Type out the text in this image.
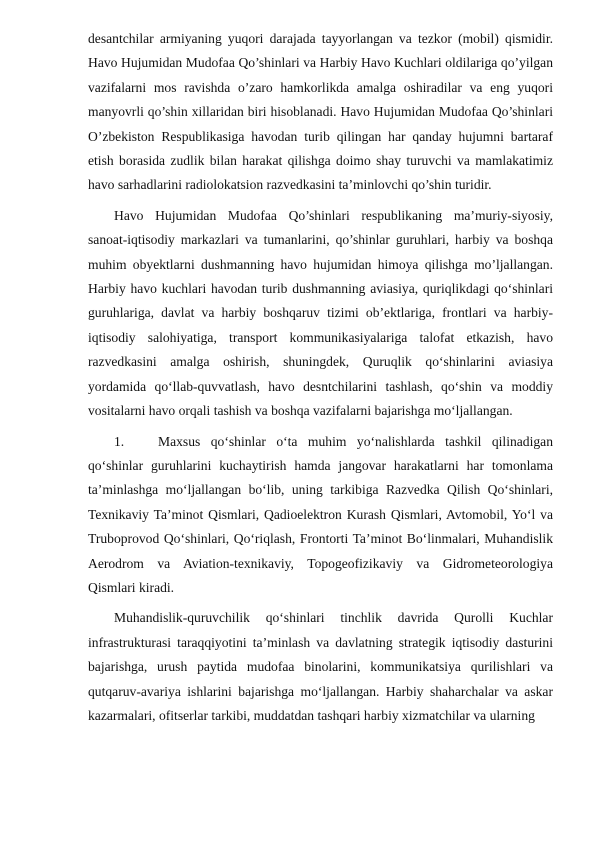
desantchilar armiyaning yuqori darajada tayyorlangan va tezkor (mobil) qismidir. Havo Hujumidan Mudofaa Qo’shinlari va Harbiy Havo Kuchlari oldilariga qo’yilgan vazifalarni mos ravishda o’zaro hamkorlikda amalga oshiradilar va eng yuqori manyovrli qo’shin xillaridan biri hisoblanadi. Havo Hujumidan Mudofaa Qo’shinlari O’zbekiston Respublikasiga havodan turib qilingan har qanday hujumni bartaraf etish borasida zudlik bilan harakat qilishga doimo shay turuvchi va mamlakatimiz havo sarhadlarini radiolokatsion razvedkasini ta’minlovchi qo’shin turidir.

Havo Hujumidan Mudofaa Qo’shinlari respublikaning ma’muriy-siyosiy, sanoat-iqtisodiy markazlari va tumanlarini, qo’shinlar guruhlari, harbiy va boshqa muhim obyektlarni dushmanning havo hujumidan himoya qilishga mo’ljallangan. Harbiy havo kuchlari havodan turib dushmanning aviasiya, quriqlikdagi qoʻshinlari guruhlariga, davlat va harbiy boshqaruv tizimi obʼektlariga, frontlari va harbiy-iqtisodiy salohiyatiga, transport kommunikasiyalariga talofat etkazish, havo razvedkasini amalga oshirish, shuningdek, Quruqlik qoʻshinlarini aviasiya yordamida qoʻllab-quvvatlash, havo desntchilarini tashlash, qoʻshin va moddiy vositalarni havo orqali tashish va boshqa vazifalarni bajarishga moʻljallangan.

1. Maxsus qoʻshinlar oʻta muhim yoʻnalishlarda tashkil qilinadigan qoʻshinlar guruhlarini kuchaytirish hamda jangovar harakatlarni har tomonlama taʼminlashga moʻljallangan boʻlib, uning tarkibiga Razvedka Qilish Qoʻshinlari, Texnikaviy Taʼminot Qismlari, Qadioelektron Kurash Qismlari, Avtomobil, Yoʻl va Truboprovod Qoʻshinlari, Qoʻriqlash, Frontorti Taʼminot Boʻlinmalari, Muhandislik Aerodrom va Aviation-texnikaviy, Topogeofizikaviy va Gidrometeorologiya Qismlari kiradi.

Muhandislik-quruvchilik qoʻshinlari tinchlik davrida Qurolli Kuchlar infrastrukturasi taraqqiyotini taʼminlash va davlatning strategik iqtisodiy dasturini bajarishga, urush paytida mudofaa binolarini, kommunikatsiya qurilishlari va qutqaruv-avariya ishlarini bajarishga moʻljallangan. Harbiy shaharchalar va askar kazarmalari, ofitserlar tarkibi, muddatdan tashqari harbiy xizmatchilar va ularning
